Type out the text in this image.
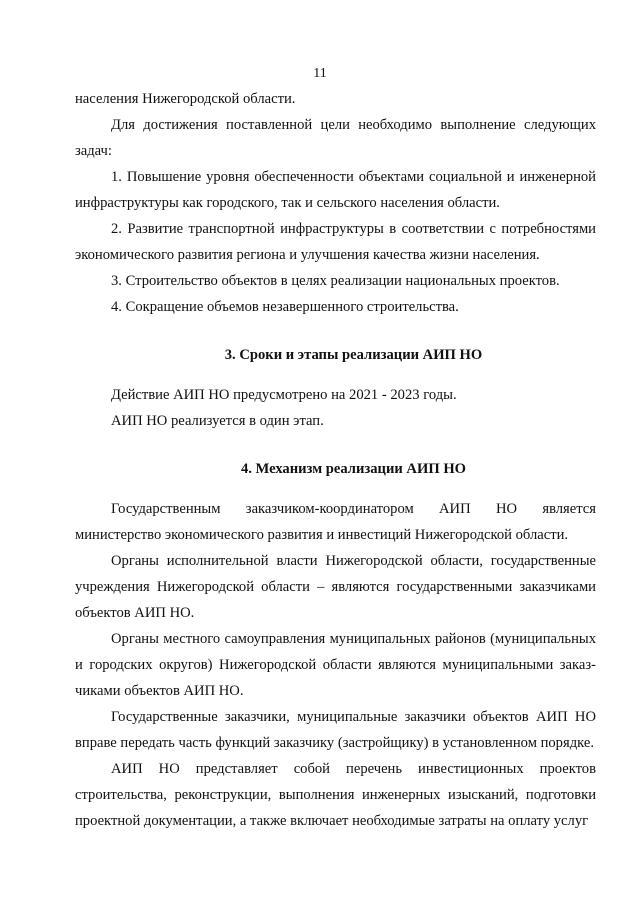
11

населения Нижегородской области.

Для достижения поставленной цели необходимо выполнение следующих задач:

1. Повышение уровня обеспеченности объектами социальной и инженерной инфраструктуры как городского, так и сельского населения области.

2. Развитие транспортной инфраструктуры в соответствии с потребностями экономического развития региона и улучшения качества жизни населения.

3. Строительство объектов в целях реализации национальных проектов.

4. Сокращение объемов незавершенного строительства.

3. Сроки и этапы реализации АИП НО

Действие АИП НО предусмотрено на 2021 - 2023 годы.

АИП НО реализуется в один этап.

4. Механизм реализации АИП НО

Государственным заказчиком-координатором АИП НО является министерство экономического развития и инвестиций Нижегородской области.

Органы исполнительной власти Нижегородской области, государственные учреждения Нижегородской области – являются государственными заказчиками объектов АИП НО.

Органы местного самоуправления муниципальных районов (муниципальных и городских округов) Нижегородской области являются муниципальными заказ-чиками объектов АИП НО.

Государственные заказчики, муниципальные заказчики объектов АИП НО вправе передать часть функций заказчику (застройщику) в установленном порядке.

АИП НО представляет собой перечень инвестиционных проектов строительства, реконструкции, выполнения инженерных изысканий, подготовки проектной документации, а также включает необходимые затраты на оплату услуг
